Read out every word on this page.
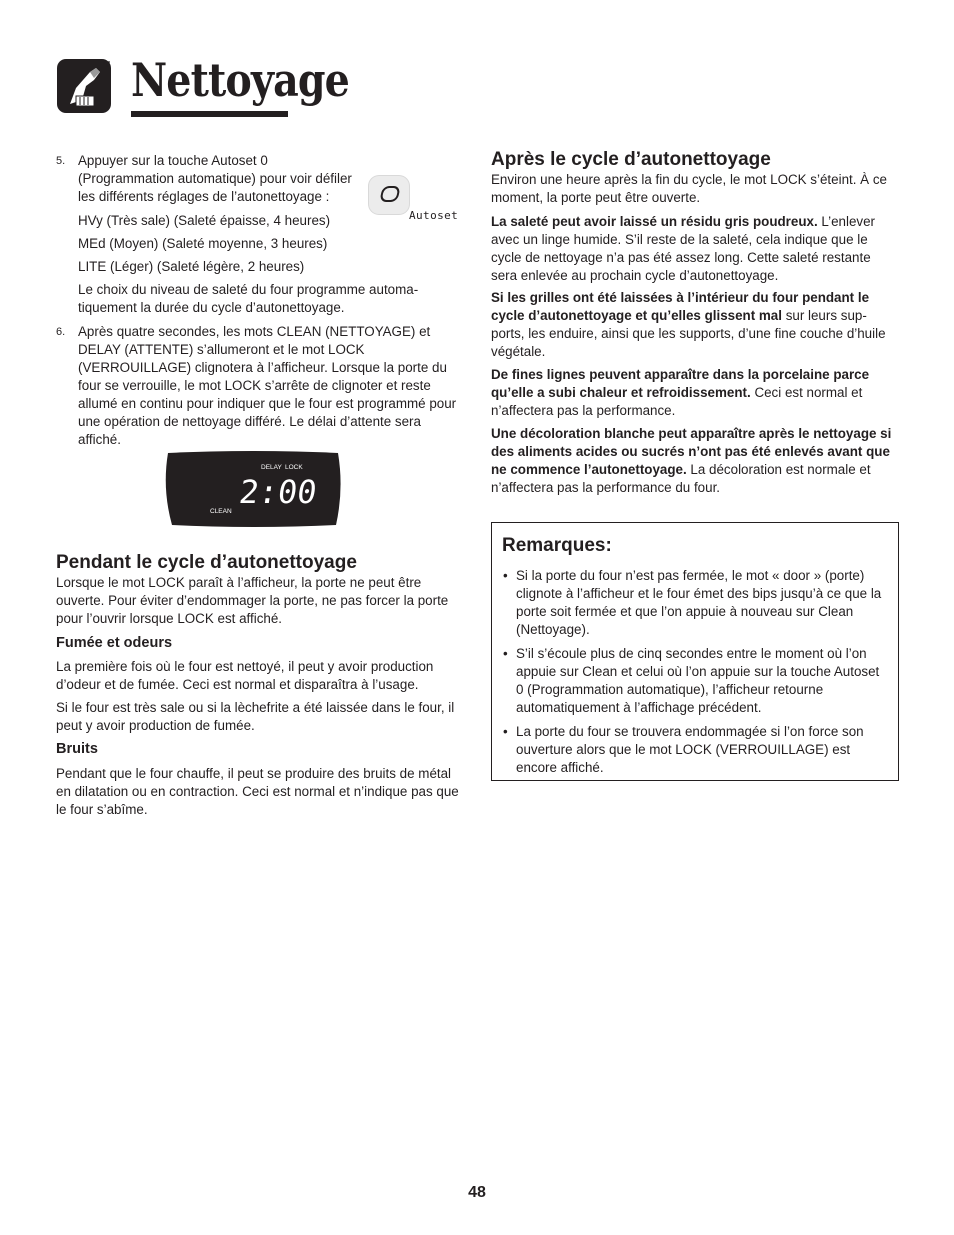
Nettoyage
Autoset
DELAY LOCK
2:00
CLEAN
5. Appuyer sur la touche Autoset 0 (Programmation automatique) pour voir défiler les différents réglages de l’autonettoyage :

HVy (Très sale) (Saleté épaisse, 4 heures)

MEd (Moyen) (Saleté moyenne, 3 heures)

LITE (Léger) (Saleté légère, 2 heures)

Le choix du niveau de saleté du four programme automa-tiquement la durée du cycle d’autonettoyage.

6. Après quatre secondes, les mots CLEAN (NETTOYAGE) et DELAY (ATTENTE) s’allumeront et le mot LOCK (VERROUILLAGE) clignotera à l’afficheur. Lorsque la porte du four se verrouille, le mot LOCK s’arrête de clignoter et reste allumé en continu pour indiquer que le four est programmé pour une opération de nettoyage différé. Le délai d’attente sera affiché.

Pendant le cycle d’autonettoyage

Lorsque le mot LOCK paraît à l’afficheur, la porte ne peut être ouverte. Pour éviter d’endommager la porte, ne pas forcer la porte pour l’ouvrir lorsque LOCK est affiché.

Fumée et odeurs

La première fois où le four est nettoyé, il peut y avoir production d’odeur et de fumée. Ceci est normal et disparaîtra à l’usage.

Si le four est très sale ou si la lèchefrite a été laissée dans le four, il peut y avoir production de fumée.

Bruits

Pendant que le four chauffe, il peut se produire des bruits de métal en dilatation ou en contraction. Ceci est normal et n’indique pas que le four s’abîme.

Après le cycle d’autonettoyage

Environ une heure après la fin du cycle, le mot LOCK s’éteint. À ce moment, la porte peut être ouverte.

La saleté peut avoir laissé un résidu gris poudreux. L’enlever avec un linge humide. S’il reste de la saleté, cela indique que le cycle de nettoyage n’a pas été assez long. Cette saleté restante sera enlevée au prochain cycle d’autonettoyage.

Si les grilles ont été laissées à l’intérieur du four pendant le cycle d’autonettoyage et qu’elles glissent mal sur leurs sup-ports, les enduire, ainsi que les supports, d’une fine couche d’huile végétale.

De fines lignes peuvent apparaître dans la porcelaine parce qu’elle a subi chaleur et refroidissement. Ceci est normal et n’affectera pas la performance.

Une décoloration blanche peut apparaître après le nettoyage si des aliments acides ou sucrés n’ont pas été enlevés avant que ne commence l’autonettoyage. La décoloration est normale et n’affectera pas la performance du four.

Remarques:
• Si la porte du four n’est pas fermée, le mot « door » (porte) clignote à l’afficheur et le four émet des bips jusqu’à ce que la porte soit fermée et que l’on appuie à nouveau sur Clean (Nettoyage).
• S’il s’écoule plus de cinq secondes entre le moment où l’on appuie sur Clean et celui où l’on appuie sur la touche Autoset 0 (Programmation automatique), l’afficheur retourne automatiquement à l’affichage précédent.
• La porte du four se trouvera endommagée si l’on force son ouverture alors que le mot LOCK (VERROUILLAGE) est encore affiché.
48
